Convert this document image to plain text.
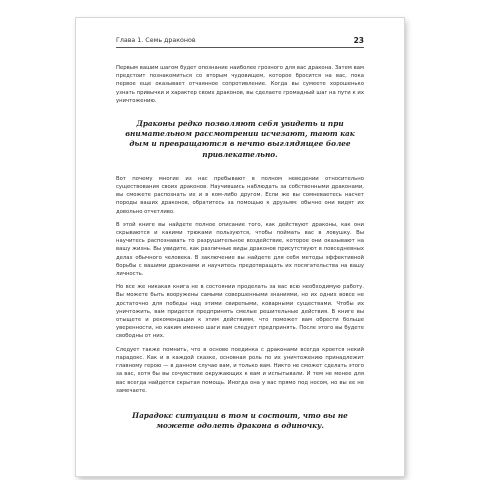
Глава 1. Семь драконов	23

Первым вашим шагом будет опознание наиболее грозного для вас дракона. Затем вам предстоит познакомиться со вторым чудовищем, которое бросится на вас, пока первое еще оказывает отчаянное сопротивление. Когда вы сумеете хорошенько узнать привычки и характер своих драконов, вы сделаете громадный шаг на пути к их уничтожению.

Драконы редко позволяют себя увидеть и при внимательном рассмотрении исчезают, тают как дым и превращаются в нечто выглядящее более привлекательно.

Вот почему многие из нас пребывают в полном неведении относительно существования своих драконов. Научившись наблюдать за собственными драконами, вы сможете распознать их и в ком-либо другом. Если же вы сомневаетесь насчет породы ваших драконов, обратитесь за помощью к друзьям: обычно они видят их довольно отчетливо.

В этой книге вы найдете полное описание того, как действуют драконы, как они скрываются и какими трюками пользуются, чтобы поймать вас в ловушку. Вы научитесь распознавать то разрушительное воздействие, которое они оказывают на вашу жизнь. Вы увидите, как различные виды драконов присутствуют в повседневных делах обычного человека. В заключение вы найдете для себя методы эффективной борьбы с вашими драконами и научитесь предотвращать их посягательства на вашу личность.

Но все же никакая книга не в состоянии проделать за вас всю необходимую работу. Вы можете быть вооружены самыми совершенными знаниями, но их одних вовсе не достаточно для победы над этими свирепыми, коварными существами. Чтобы их уничтожить, вам придется предпринять смелые решительные действия. В книге вы отыщете и рекомендации к этим действиям, что поможет вам обрести больше уверенности, но каким именно шаги вам следует предпринять. После этого вы будете свободны от них.

Следует также помнить, что в основе поединка с драконами всегда кроется некий парадокс. Как и в каждой сказке, основная роль по их уничтожению принадлежит главному герою — в данном случае вам, и только вам. Никто не сможет сделать этого за вас, хотя бы вы сочувствие окружающих к вам и испытывали. И тем не менее для вас всегда найдется скрытая помощь. Иногда она у вас прямо под носом, но вы ее не замечаете.

Парадокс ситуации в том и состоит, что вы не можете одолеть дракона в одиночку.
